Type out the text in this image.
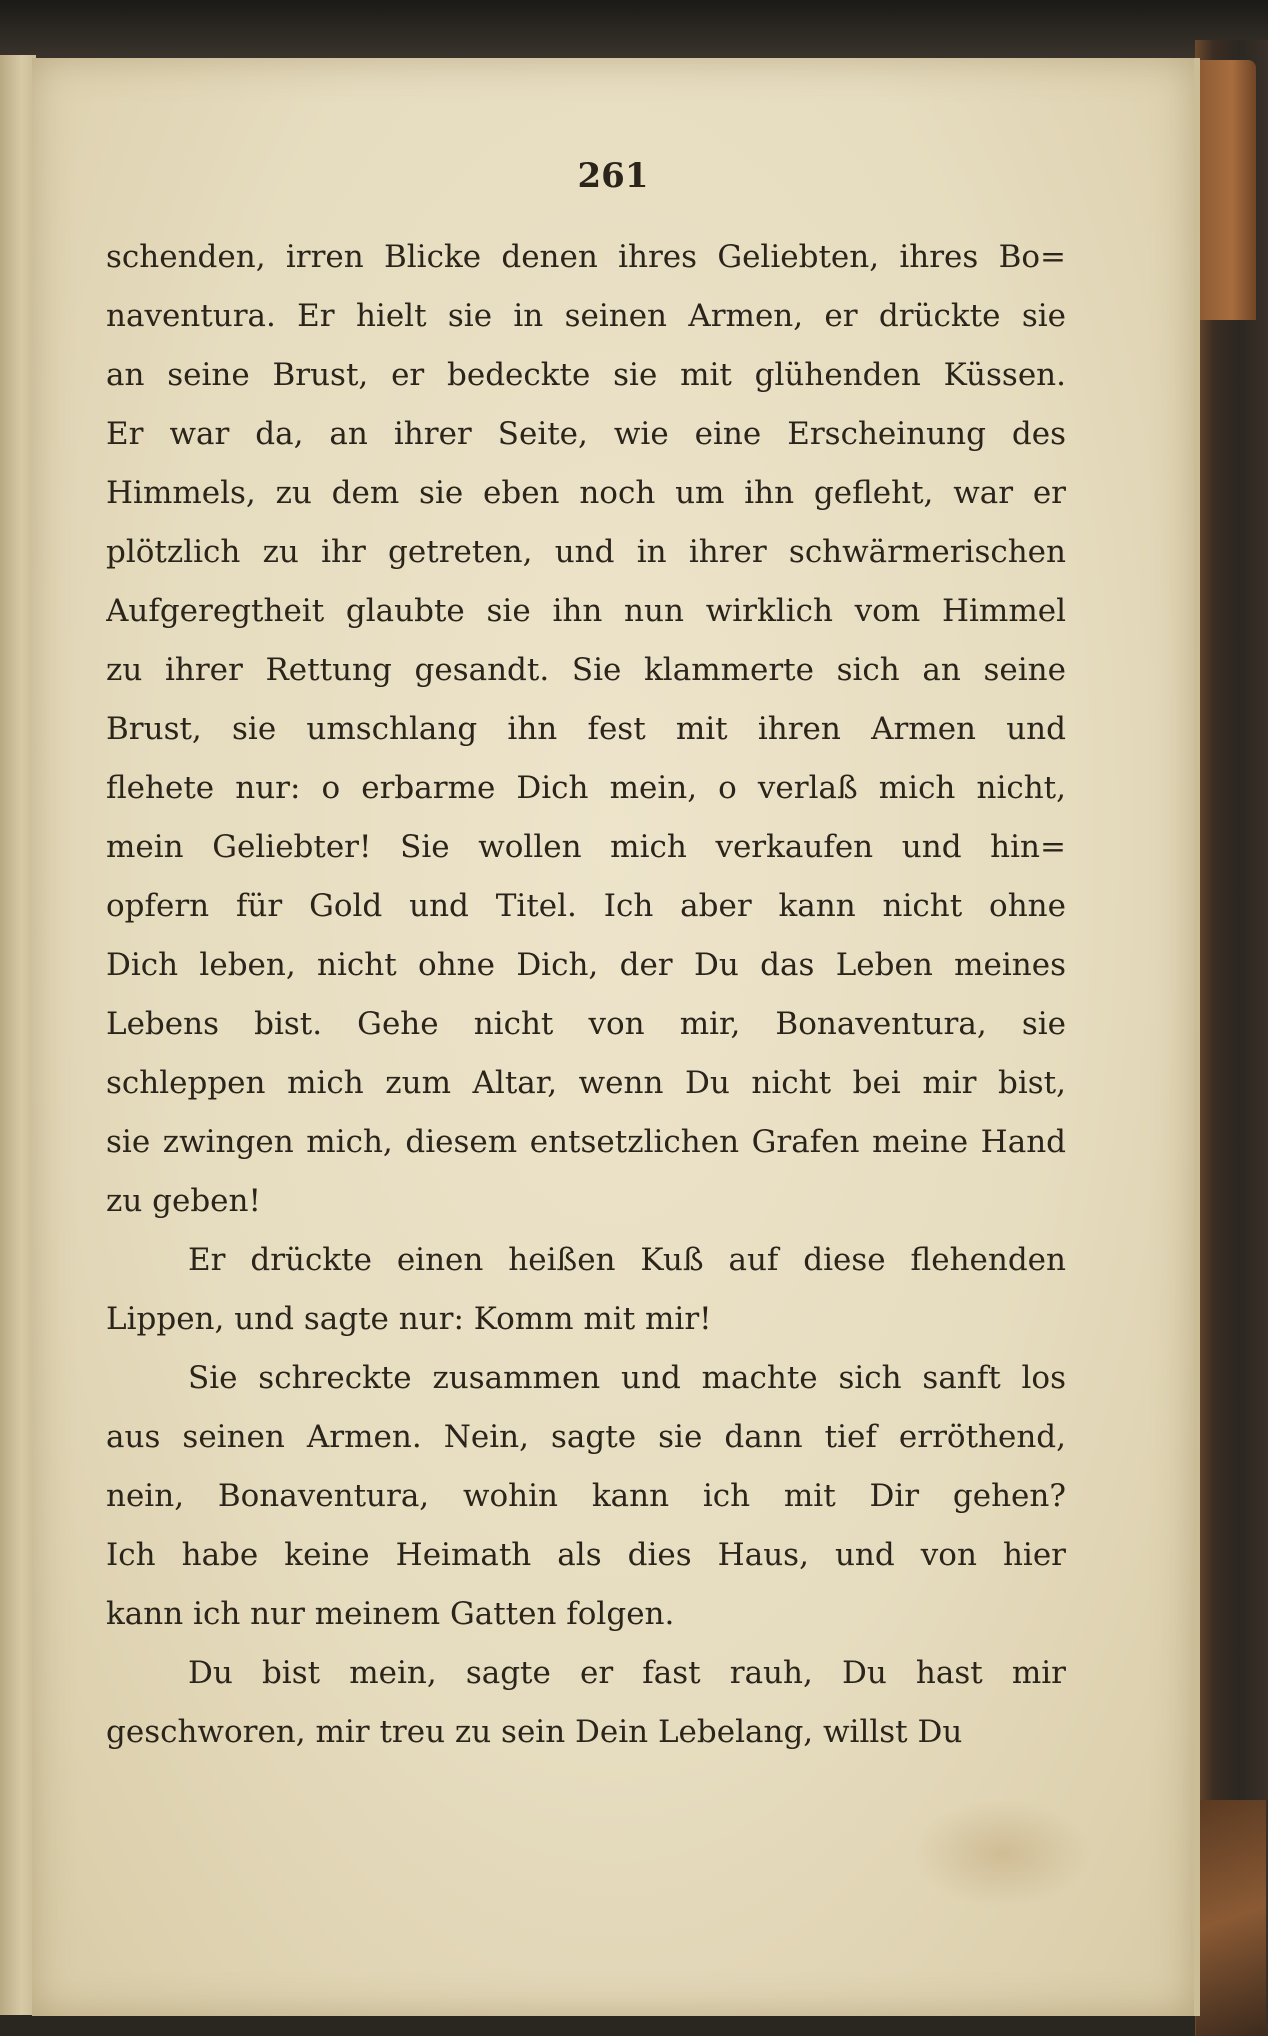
261
schenden, irren Blicke denen ihres Geliebten, ihres Bo=
naventura. Er hielt sie in seinen Armen, er drückte sie
an seine Brust, er bedeckte sie mit glühenden Küssen.
Er war da, an ihrer Seite, wie eine Erscheinung des
Himmels, zu dem sie eben noch um ihn gefleht, war er
plötzlich zu ihr getreten, und in ihrer schwärmerischen
Aufgeregtheit glaubte sie ihn nun wirklich vom Himmel
zu ihrer Rettung gesandt. Sie klammerte sich an seine
Brust, sie umschlang ihn fest mit ihren Armen und
flehete nur: o erbarme Dich mein, o verlaß mich nicht,
mein Geliebter! Sie wollen mich verkaufen und hin=
opfern für Gold und Titel. Ich aber kann nicht ohne
Dich leben, nicht ohne Dich, der Du das Leben meines
Lebens bist. Gehe nicht von mir, Bonaventura, sie
schleppen mich zum Altar, wenn Du nicht bei mir bist,
sie zwingen mich, diesem entsetzlichen Grafen meine Hand
zu geben!
Er drückte einen heißen Kuß auf diese flehenden
Lippen, und sagte nur: Komm mit mir!
Sie schreckte zusammen und machte sich sanft los
aus seinen Armen. Nein, sagte sie dann tief erröthend,
nein, Bonaventura, wohin kann ich mit Dir gehen?
Ich habe keine Heimath als dies Haus, und von hier
kann ich nur meinem Gatten folgen.
Du bist mein, sagte er fast rauh, Du hast mir
geschworen, mir treu zu sein Dein Lebelang, willst Du
